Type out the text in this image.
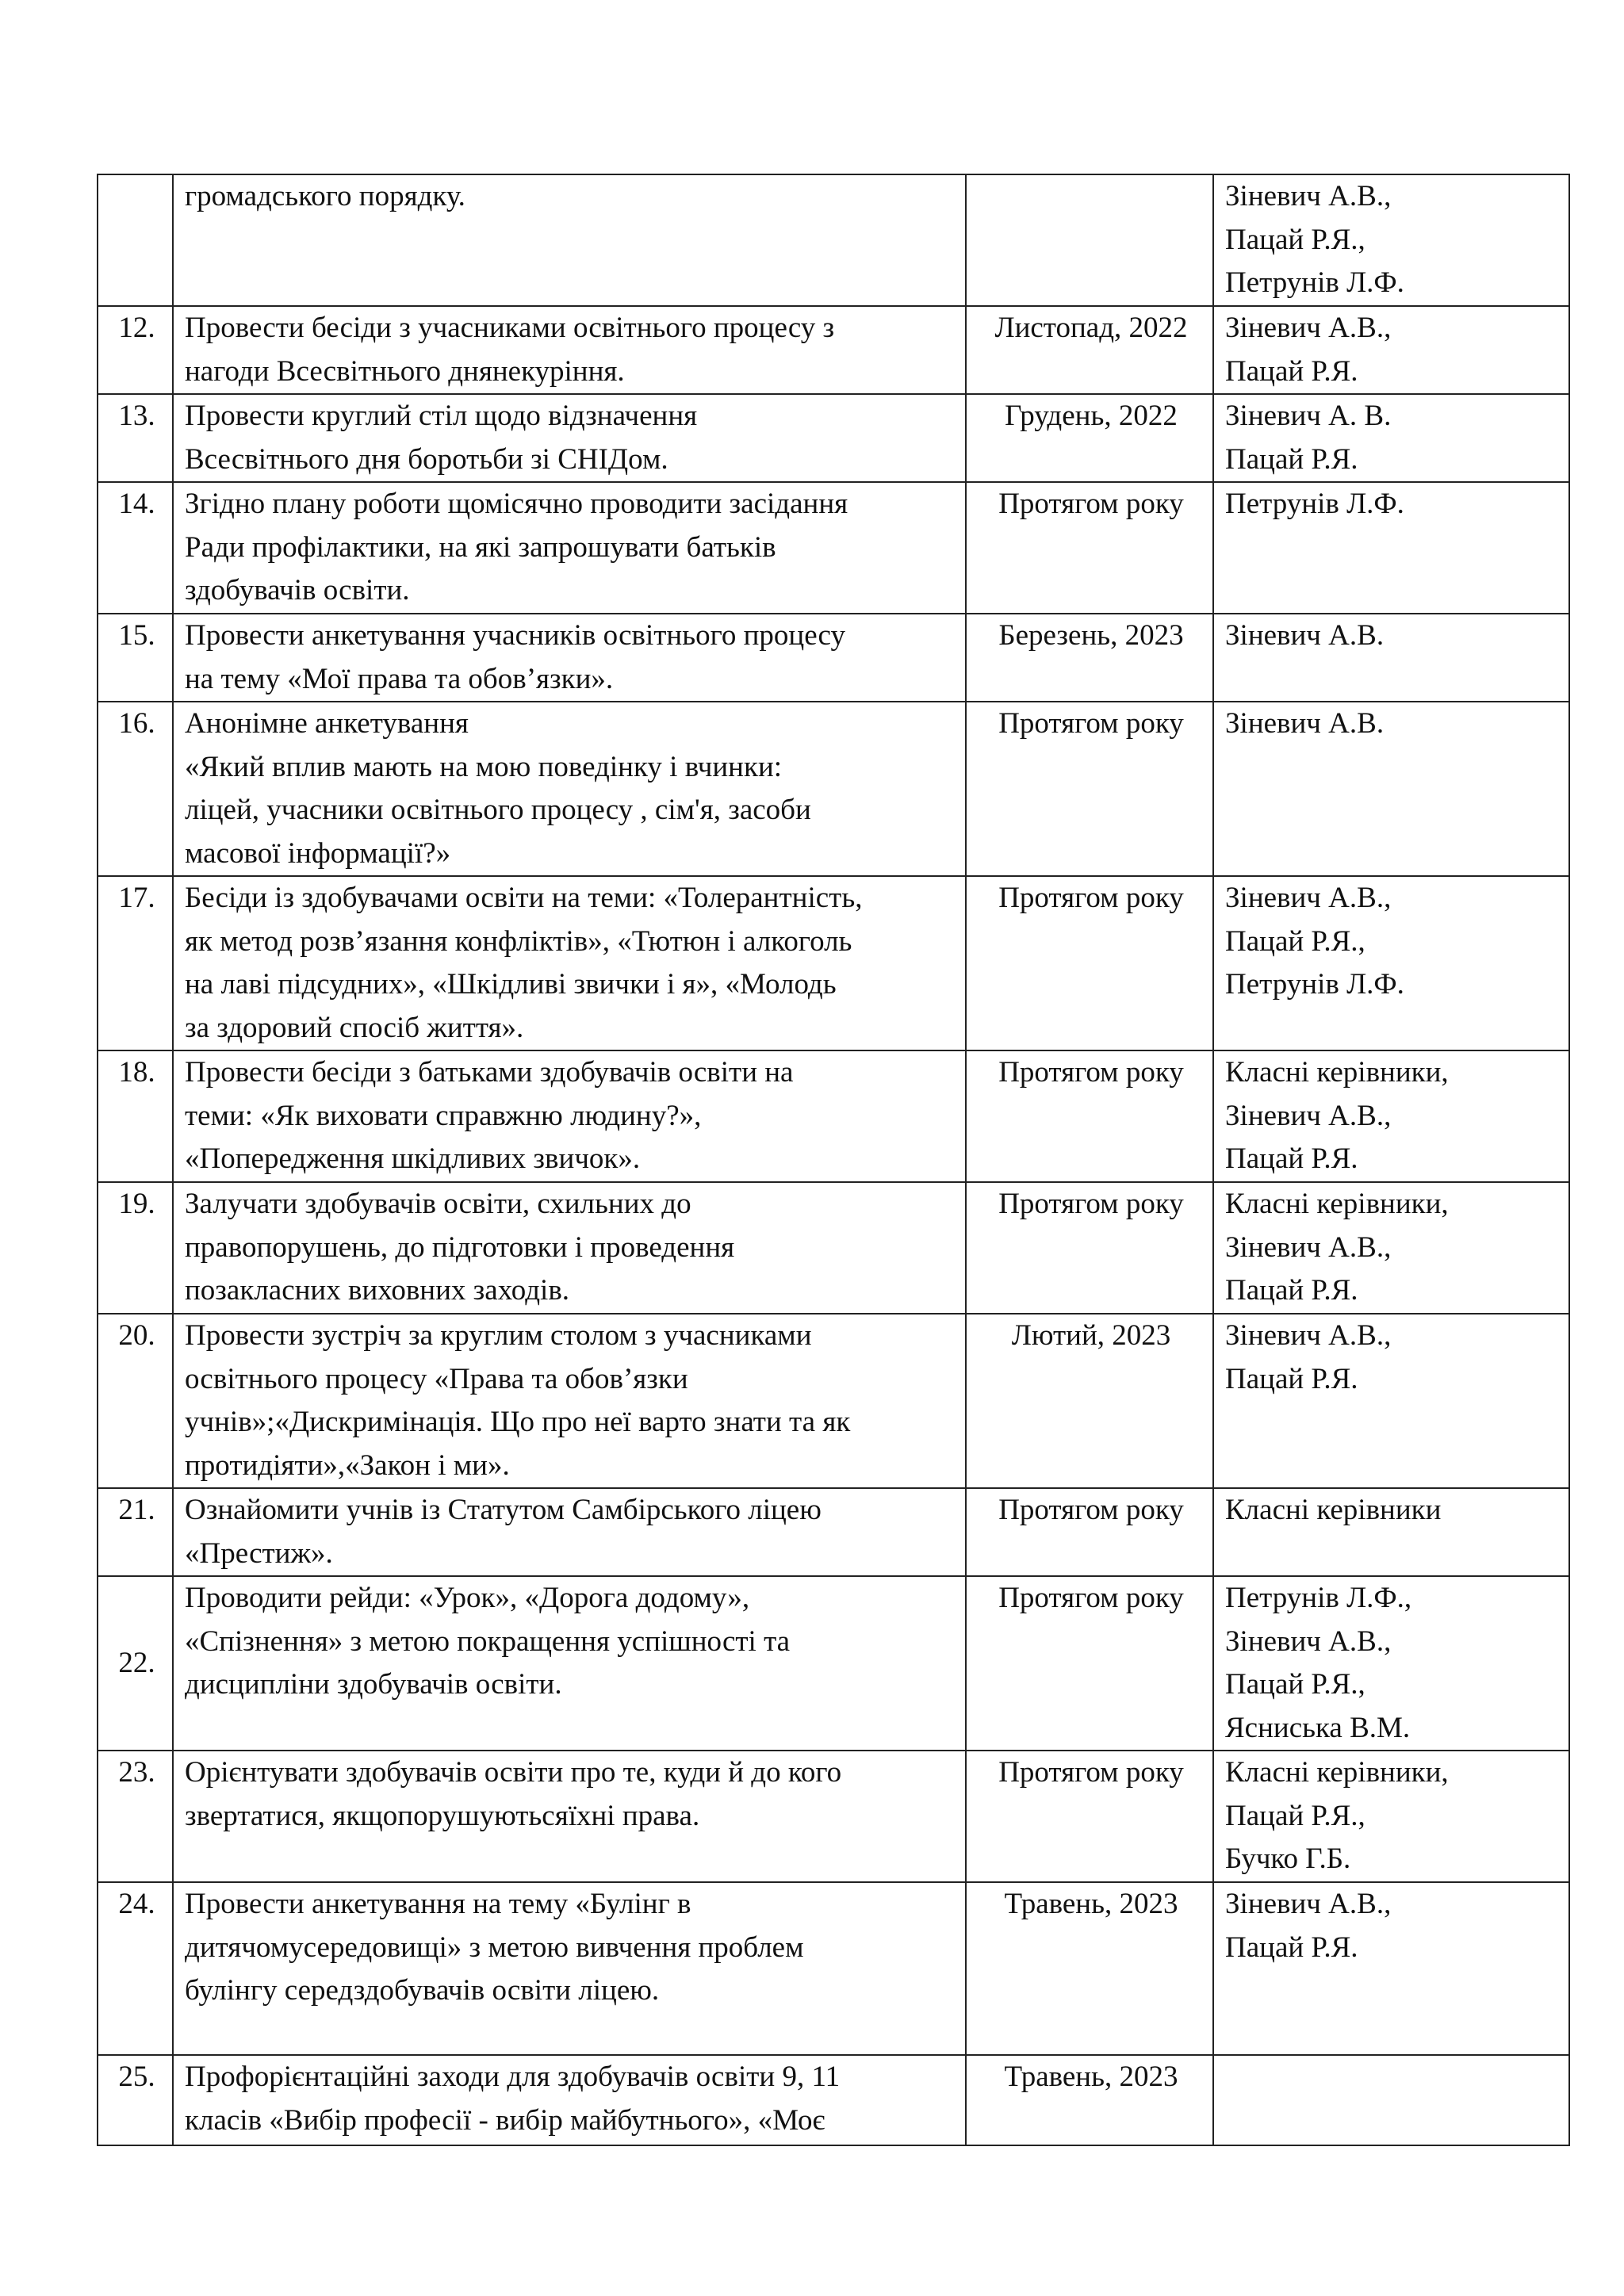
	громадського порядку.		Зіневич А.В.,
Пацай Р.Я.,
Петрунів Л.Ф.
12.	Провести бесіди з учасниками освітнього процесу з
нагоди Всесвітнього днянекуріння.	Листопад, 2022	Зіневич А.В.,
Пацай Р.Я.
13.	Провести круглий стіл щодо відзначення
Всесвітнього дня боротьби зі СНІДом.	Грудень, 2022	Зіневич А. В.
Пацай Р.Я.
14.	Згідно плану роботи щомісячно проводити засідання
Ради профілактики, на які запрошувати батьків
здобувачів освіти.	Протягом року	Петрунів Л.Ф.
15.	Провести анкетування учасників освітнього процесу
на тему «Мої права та обов’язки».	Березень, 2023	Зіневич А.В.
16.	Анонімне анкетування
«Який вплив мають на мою поведінку і вчинки:
ліцей, учасники освітнього процесу , сім'я, засоби
масової інформації?»	Протягом року	Зіневич А.В.
17.	Бесіди із здобувачами освіти на теми: «Толерантність,
як метод розв’язання конфліктів», «Тютюн і алкоголь
на лаві підсудних», «Шкідливі звички і я», «Молодь
за здоровий спосіб життя».	Протягом року	Зіневич А.В.,
Пацай Р.Я.,
Петрунів Л.Ф.
18.	Провести бесіди з батьками здобувачів освіти на
теми: «Як виховати справжню людину?»,
«Попередження шкідливих звичок».	Протягом року	Класні керівники,
Зіневич А.В.,
Пацай Р.Я.
19.	Залучати здобувачів освіти, схильних до
правопорушень, до підготовки і проведення
позакласних виховних заходів.	Протягом року	Класні керівники,
Зіневич А.В.,
Пацай Р.Я.
20.	Провести зустріч за круглим столом з учасниками
освітнього процесу «Права та обов’язки
учнів»;«Дискримінація. Що про неї варто знати та як
протидіяти»,«Закон і ми».	Лютий, 2023	Зіневич А.В.,
Пацай Р.Я.
21.	Ознайомити учнів із Статутом Самбірського ліцею
«Престиж».	Протягом року	Класні керівники
22.	Проводити рейди: «Урок», «Дорога додому»,
«Спізнення» з метою покращення успішності та
дисципліни здобувачів освіти.	Протягом року	Петрунів Л.Ф.,
Зіневич А.В.,
Пацай Р.Я.,
Ясниська В.М.
23.	Орієнтувати здобувачів освіти про те, куди й до кого
звертатися, якщопорушуютьсяїхні права.	Протягом року	Класні керівники,
Пацай Р.Я.,
Бучко Г.Б.
24.	Провести анкетування на тему «Булінг в
дитячомусередовищі» з метою вивчення проблем
булінгу середздобувачів освіти ліцею.	Травень, 2023	Зіневич А.В.,
Пацай Р.Я.
25.	Профорієнтаційні заходи для здобувачів освіти 9, 11
класів «Вибір професії - вибір майбутнього», «Моє	Травень, 2023	
